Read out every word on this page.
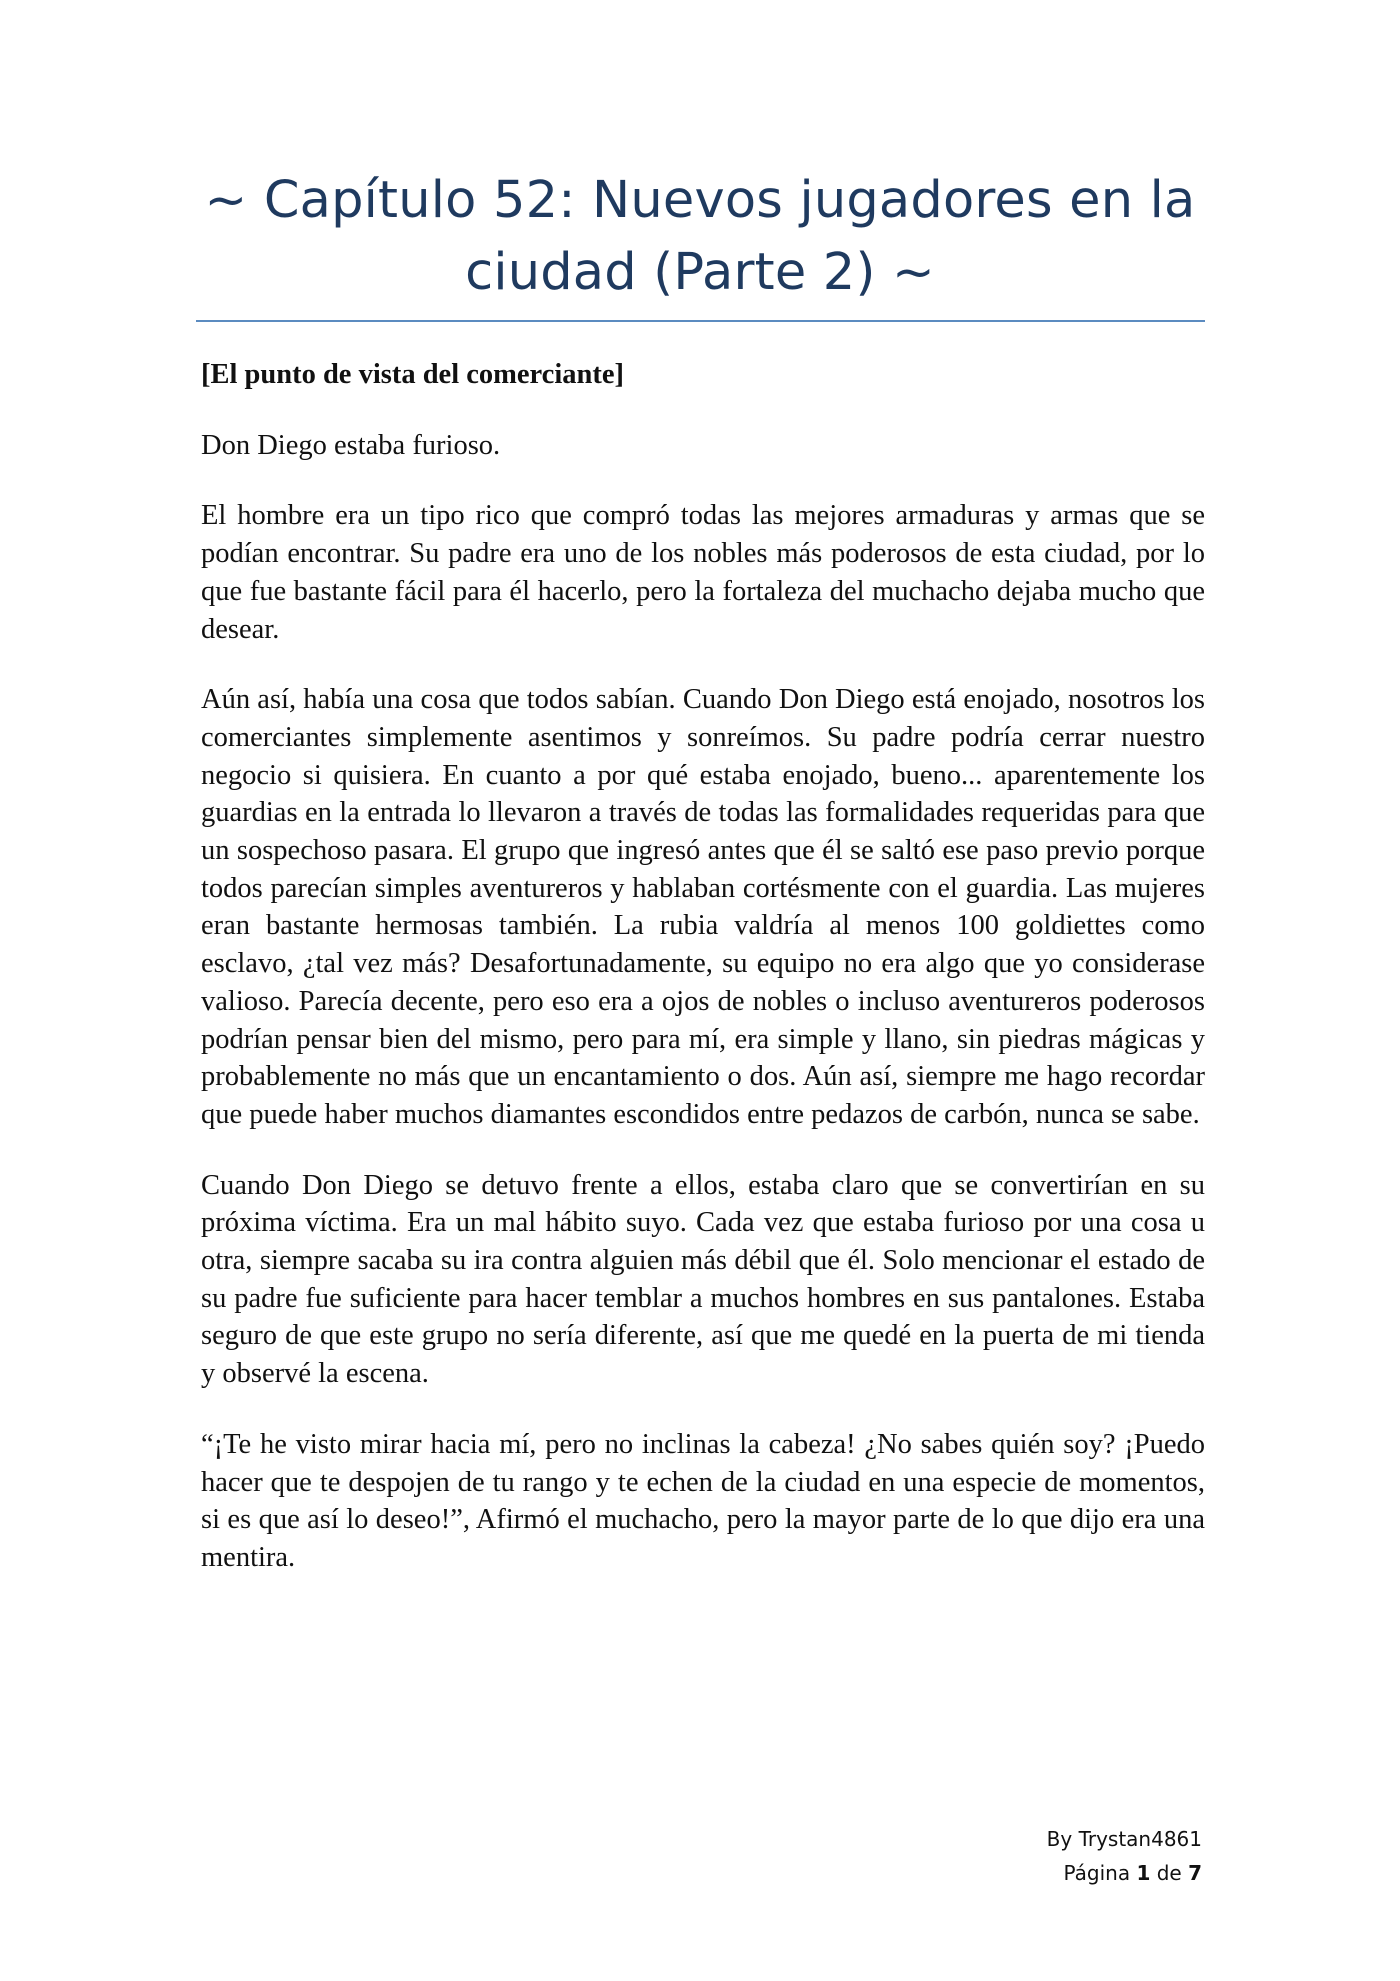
~ Capítulo 52: Nuevos jugadores en la ciudad (Parte 2) ~

[El punto de vista del comerciante]

Don Diego estaba furioso.

El hombre era un tipo rico que compró todas las mejores armaduras y armas que se podían encontrar. Su padre era uno de los nobles más poderosos de esta ciudad, por lo que fue bastante fácil para él hacerlo, pero la fortaleza del muchacho dejaba mucho que desear.

Aún así, había una cosa que todos sabían. Cuando Don Diego está enojado, nosotros los comerciantes simplemente asentimos y sonreímos. Su padre podría cerrar nuestro negocio si quisiera. En cuanto a por qué estaba enojado, bueno... aparentemente los guardias en la entrada lo llevaron a través de todas las formalidades requeridas para que un sospechoso pasara. El grupo que ingresó antes que él se saltó ese paso previo porque todos parecían simples aventureros y hablaban cortésmente con el guardia. Las mujeres eran bastante hermosas también. La rubia valdría al menos 100 goldiettes como esclavo, ¿tal vez más? Desafortunadamente, su equipo no era algo que yo considerase valioso. Parecía decente, pero eso era a ojos de nobles o incluso aventureros poderosos podrían pensar bien del mismo, pero para mí, era simple y llano, sin piedras mágicas y probablemente no más que un encantamiento o dos. Aún así, siempre me hago recordar que puede haber muchos diamantes escondidos entre pedazos de carbón, nunca se sabe.

Cuando Don Diego se detuvo frente a ellos, estaba claro que se convertirían en su próxima víctima. Era un mal hábito suyo. Cada vez que estaba furioso por una cosa u otra, siempre sacaba su ira contra alguien más débil que él. Solo mencionar el estado de su padre fue suficiente para hacer temblar a muchos hombres en sus pantalones. Estaba seguro de que este grupo no sería diferente, así que me quedé en la puerta de mi tienda y observé la escena.

“¡Te he visto mirar hacia mí, pero no inclinas la cabeza! ¿No sabes quién soy? ¡Puedo hacer que te despojen de tu rango y te echen de la ciudad en una especie de momentos, si es que así lo deseo!”, Afirmó el muchacho, pero la mayor parte de lo que dijo era una mentira.

By Trystan4861
Página 1 de 7
